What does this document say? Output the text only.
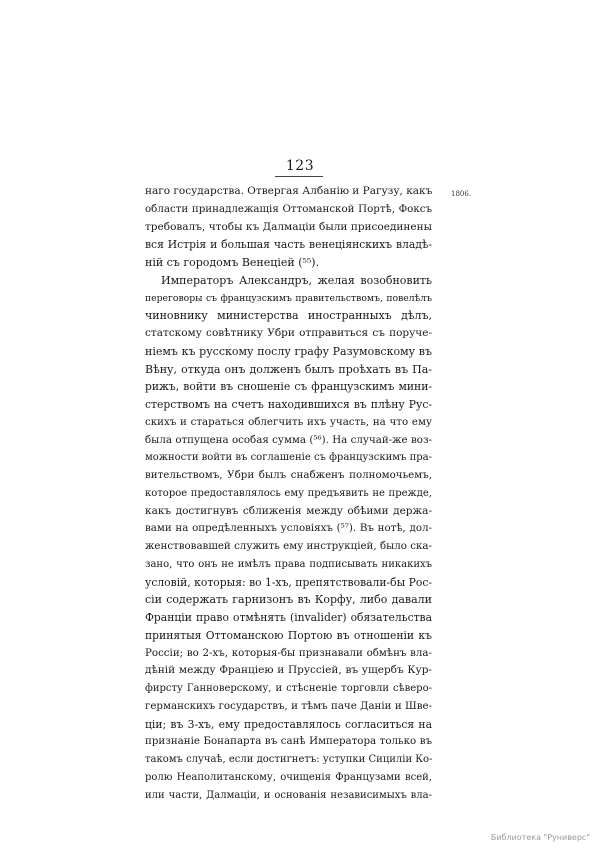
123
1806.
наго государства. Отвергая Албанію и Рагузу, какъ
области принадлежащія Оттоманской Портѣ, Фоксъ
требовалъ, чтобы къ Далмаціи были присоединены
вся Истрія и большая часть венеціянскихъ владѣ-
ній съ городомъ Венеціей (⁵⁵).
Императоръ Александръ, желая возобновить
переговоры съ французскимъ правительствомъ, повелѣлъ
чиновнику министерства иностранныхъ дѣлъ,
статскому совѣтнику Убри отправиться съ поруче-
ніемъ къ русскому послу графу Разумовскому въ
Вѣну, откуда онъ долженъ былъ проѣхать въ Па-
рижъ, войти въ сношеніе съ французскимъ мини-
стерствомъ на счетъ находившихся въ плѣну Рус-
скихъ и стараться облегчить ихъ участь, на что ему
была отпущена особая сумма (⁵⁶). На случай-же воз-
можности войти въ соглашеніе съ французскимъ пра-
вительствомъ, Убри былъ снабженъ полномочьемъ,
которое предоставлялось ему предъявить не прежде,
какъ достигнувъ сближенія между обѣими держа-
вами на опредѣленныхъ условіяхъ (⁵⁷). Въ нотѣ, дол-
женствовавшей служить ему инструкціей, было ска-
зано, что онъ не имѣлъ права подписывать никакихъ
условій, которыя: во 1-хъ, препятствовали-бы Рос-
сіи содержать гарнизонъ въ Корфу, либо давали
Франціи право отмѣнять (invalider) обязательства
принятыя Оттоманскою Портою въ отношеніи къ
Россіи; во 2-хъ, которыя-бы признавали обмѣнъ вла-
дѣній между Франціею и Пруссіей, въ ущербъ Кур-
фирсту Ганноверскому, и стѣсненіе торговли сѣверо-
германскихъ государствъ, и тѣмъ паче Даніи и Шве-
ціи; въ 3-хъ, ему предоставлялось согласиться на
признаніе Бонапарта въ санѣ Императора только въ
такомъ случаѣ, если достигнетъ: уступки Сициліи Ко-
ролю Неаполитанскому, очищенія Французами всей,
или части, Далмаціи, и основанія независимыхъ вла-
Библиотека "Руниверс"
